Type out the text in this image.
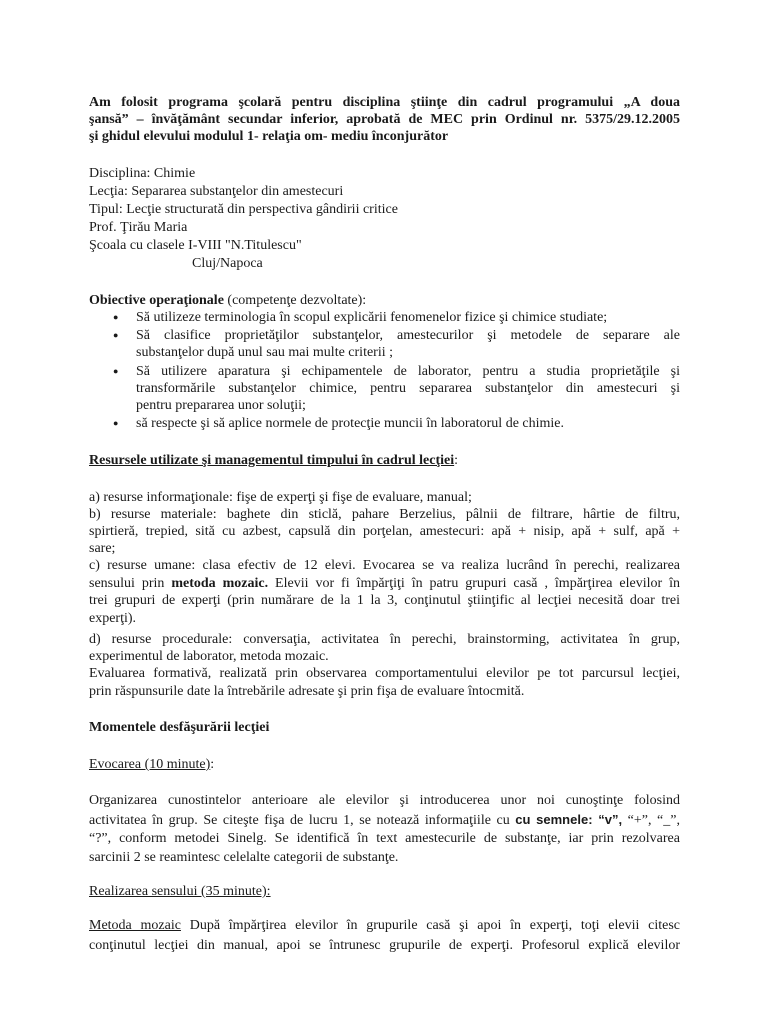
Am folosit programa şcolară pentru disciplina ştiinţe din cadrul programului „A doua
şansă” – învăţământ secundar inferior, aprobată de MEC prin Ordinul nr. 5375/29.12.2005
şi ghidul elevului modulul 1- relaţia om- mediu înconjurător
Disciplina: Chimie
Lecţia: Separarea substanţelor din amestecuri
Tipul: Lecţie structurată din perspectiva gândirii critice
Prof. Ţirău Maria
Şcoala cu clasele I-VIII "N.Titulescu"
Cluj/Napoca
Obiective operaţionale (competenţe dezvoltate):
● Să utilizeze terminologia în scopul explicării fenomenelor fizice şi chimice studiate;
● Să clasifice proprietăţilor substanţelor, amestecurilor şi metodele de separare ale
substanţelor după unul sau mai multe criterii ;
● Să utilizere aparatura şi echipamentele de laborator, pentru a studia proprietăţile şi
transformările substanţelor chimice, pentru separarea substanţelor din amestecuri şi
pentru prepararea unor soluţii;
● să respecte şi să aplice normele de protecţie muncii în laboratorul de chimie.
Resursele utilizate şi managementul timpului în cadrul lecţiei:
a) resurse informaţionale: fişe de experţi şi fişe de evaluare, manual;
b) resurse materiale: baghete din sticlă, pahare Berzelius, pâlnii de filtrare, hârtie de filtru,
spirtieră, trepied, sită cu azbest, capsulă din porţelan, amestecuri: apă + nisip, apă + sulf, apă +
sare;
c) resurse umane: clasa efectiv de 12 elevi. Evocarea se va realiza lucrând în perechi, realizarea
sensului prin metoda mozaic. Elevii vor fi împărţiţi în patru grupuri casă , împărţirea elevilor în
trei grupuri de experţi (prin numărare de la 1 la 3, conţinutul ştiinţific al lecţiei necesită doar trei
experţi).
d) resurse procedurale: conversaţia, activitatea în perechi, brainstorming, activitatea în grup,
experimentul de laborator, metoda mozaic.
Evaluarea formativă, realizată prin observarea comportamentului elevilor pe tot parcursul lecţiei,
prin răspunsurile date la întrebările adresate şi prin fişa de evaluare întocmită.
Momentele desfăşurării lecţiei
Evocarea (10 minute):
Organizarea cunostintelor anterioare ale elevilor şi introducerea unor noi cunoştinţe folosind
activitatea în grup. Se citeşte fişa de lucru 1, se notează informaţiile cu cu semnele: “v”, “+”, “_”,
“?”, conform metodei Sinelg. Se identifică în text amestecurile de substanţe, iar prin rezolvarea
sarcinii 2 se reamintesc celelalte categorii de substanţe.
Realizarea sensului (35 minute):
Metoda mozaic După împărţirea elevilor în grupurile casă şi apoi în experţi, toţi elevii citesc
conţinutul lecţiei din manual, apoi se întrunesc grupurile de experţi. Profesorul explică elevilor
